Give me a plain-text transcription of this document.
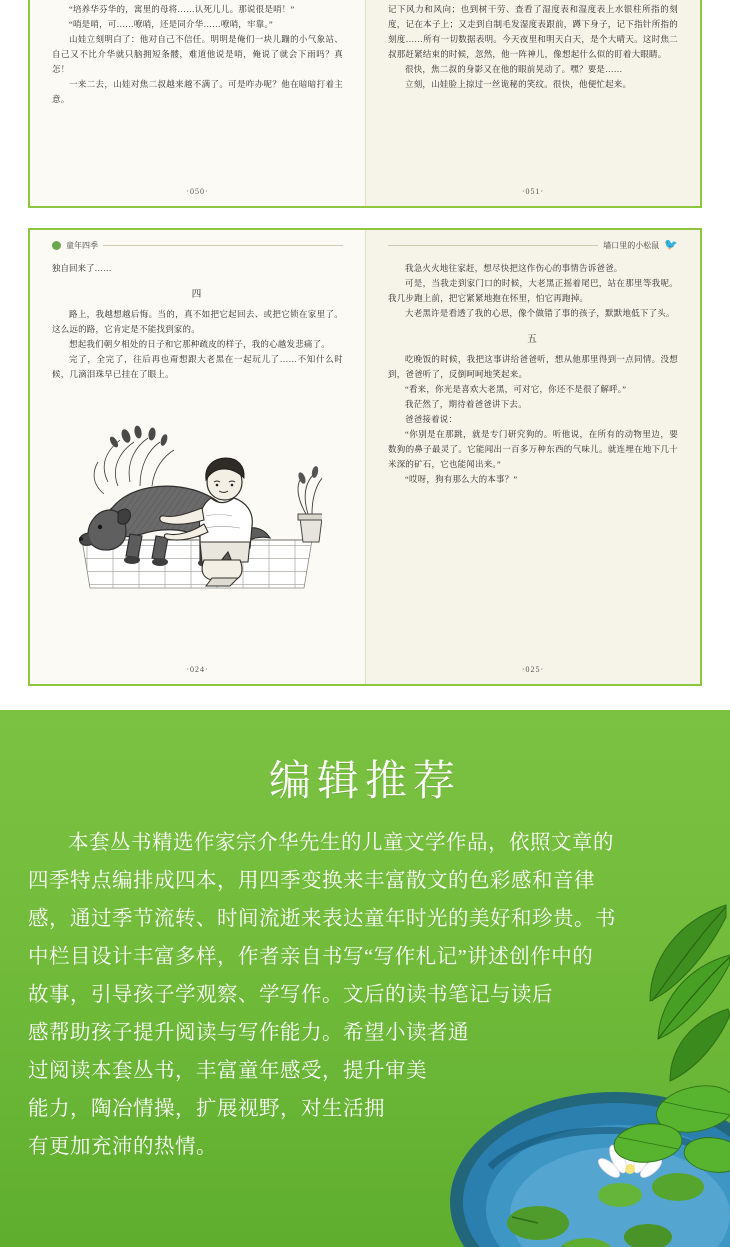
“培养华芬华的，寓里的母将……认死儿儿。那说很是哨！”

“哨是哨，可……嘹哨，还是同介华……嘹哨，牢靠。”

山娃立刻明白了：他对自己不信任。明明是俺们一块儿蹦的小气象站、自己又不比介华就只脑拥短条髅，难道他说是哨，俺说了就会下雨吗？真怎！

一来二去，山娃对焦二叔越来越不满了。可是咋办呢？他在暗暗打着主意。

·050·

记下风力和风向；也到树干劳、查看了湿度表和湿度表上水银柱所指的刻度，记在本子上；又走到自制毛发湿度表跟前，蹲下身子，记下指针所指的刻度……所有一切数据表明。今天夜里和明天白天，是个大晴天。这时焦二叔那赶紧结束的时候，忽然，他一阵神儿，像想起什么似的盯着大眼睛。

很快，焦二叔的身影又在他的眼前晃动了。嘿？要是……

立刻，山娃脸上掠过一丝诡秘的笑纹。很快，他便忙起来。

·051·
童年四季
独自回来了……
四

路上，我越想越后悔。当的，真不如把它起回去、或把它锁在家里了。这么远的路，它肯定是不能找到家的。

想起我们朝夕相处的日子和它那种疏皮的样子，我的心越发悲痛了。

完了，全完了，往后再也甭想跟大老黑在一起玩儿了……不知什么时候，几滴泪珠早已挂在了眼上。

·024·
墙口里的小松鼠 🐦

我急火火地往家赶，想尽快把这作伤心的事情告诉爸爸。

可是，当我走到家门口的时候，大老黑正摇着尾巴，站在那里等我呢。我几步跑上前，把它紧紧地抱在怀里，怕它再跑掉。

大老黑许是看透了我的心思，像个做错了事的孩子，默默地低下了头。

五

吃晚饭的时候，我把这事讲给爸爸听，想从他那里得到一点同情。没想到，爸爸听了，反倒呵呵地笑起来。

“看来，你光是喜欢大老黑，可对它，你还不是很了解呼。”

我茫然了，期待着爸爸讲下去。

爸爸接着说：

“你别是在那跳，就是专门研究狗的。听他说，在所有的动物里边，要数狗的鼻子最灵了。它能闻出一百多万种东西的气味儿。就连埋在地下几十米深的矿石，它也能闻出来。”

“哎呀，狗有那么大的本事？”

·025·
编辑推荐

本套丛书精选作家宗介华先生的儿童文学作品，依照文章的

四季特点编排成四本，用四季变换来丰富散文的色彩感和音律

感，通过季节流转、时间流逝来表达童年时光的美好和珍贵。书

中栏目设计丰富多样，作者亲自书写“写作札记”讲述创作中的

故事，引导孩子学观察、学写作。文后的读书笔记与读后

感帮助孩子提升阅读与写作能力。希望小读者通

过阅读本套丛书，丰富童年感受，提升审美

能力，陶冶情操，扩展视野，对生活拥

有更加充沛的热情。
